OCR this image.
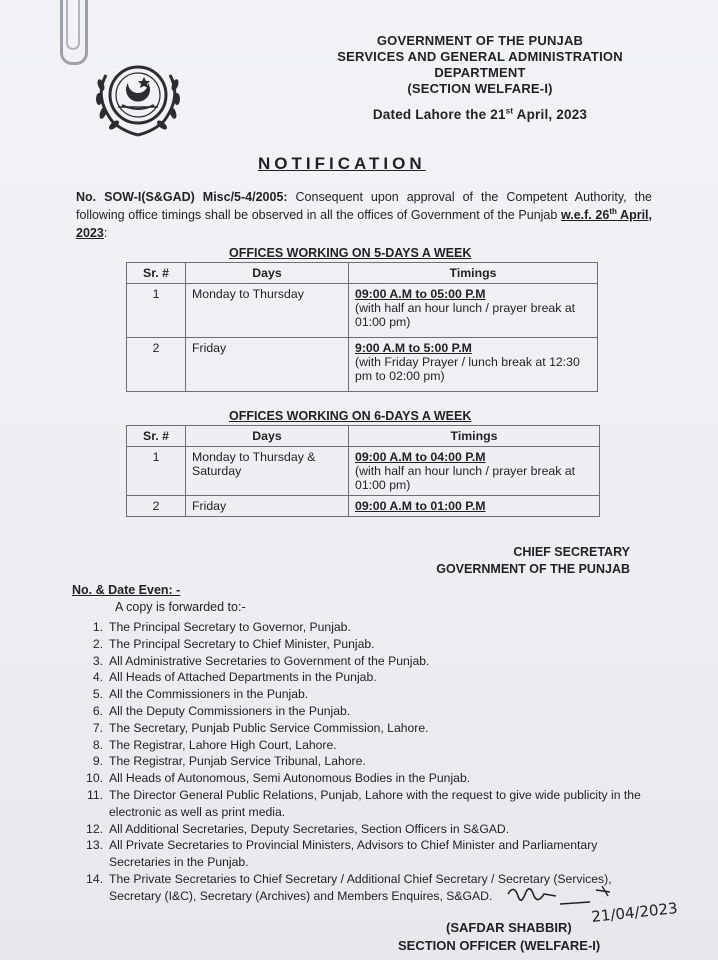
GOVERNMENT OF THE PUNJAB
SERVICES AND GENERAL ADMINISTRATION
DEPARTMENT
(SECTION WELFARE-I)
Dated Lahore the 21st April, 2023
NOTIFICATION
No. SOW-I(S&GAD) Misc/5-4/2005: Consequent upon approval of the Competent Authority, the following office timings shall be observed in all the offices of Government of the Punjab w.e.f. 26th April, 2023:
OFFICES WORKING ON 5-DAYS A WEEK
Sr. #	Days	Timings
1	Monday to Thursday	09:00 A.M to 05:00 P.M
(with half an hour lunch / prayer break at 01:00 pm)
2	Friday	9:00 A.M to 5:00 P.M
(with Friday Prayer / lunch break at 12:30 pm to 02:00 pm)
OFFICES WORKING ON 6-DAYS A WEEK
Sr. #	Days	Timings
1	Monday to Thursday & Saturday	09:00 A.M to 04:00 P.M
(with half an hour lunch / prayer break at 01:00 pm)
2	Friday	09:00 A.M to 01:00 P.M
CHIEF SECRETARY
GOVERNMENT OF THE PUNJAB
No. & Date Even: -
A copy is forwarded to:-
1. The Principal Secretary to Governor, Punjab.
2. The Principal Secretary to Chief Minister, Punjab.
3. All Administrative Secretaries to Government of the Punjab.
4. All Heads of Attached Departments in the Punjab.
5. All the Commissioners in the Punjab.
6. All the Deputy Commissioners in the Punjab.
7. The Secretary, Punjab Public Service Commission, Lahore.
8. The Registrar, Lahore High Court, Lahore.
9. The Registrar, Punjab Service Tribunal, Lahore.
10. All Heads of Autonomous, Semi Autonomous Bodies in the Punjab.
11. The Director General Public Relations, Punjab, Lahore with the request to give wide publicity in the electronic as well as print media.
12. All Additional Secretaries, Deputy Secretaries, Section Officers in S&GAD.
13. All Private Secretaries to Provincial Ministers, Advisors to Chief Minister and Parliamentary Secretaries in the Punjab.
14. The Private Secretaries to Chief Secretary / Additional Chief Secretary / Secretary (Services), Secretary (I&C), Secretary (Archives) and Members Enquires, S&GAD.
21/04/2023
(SAFDAR SHABBIR)
SECTION OFFICER (WELFARE-I)
